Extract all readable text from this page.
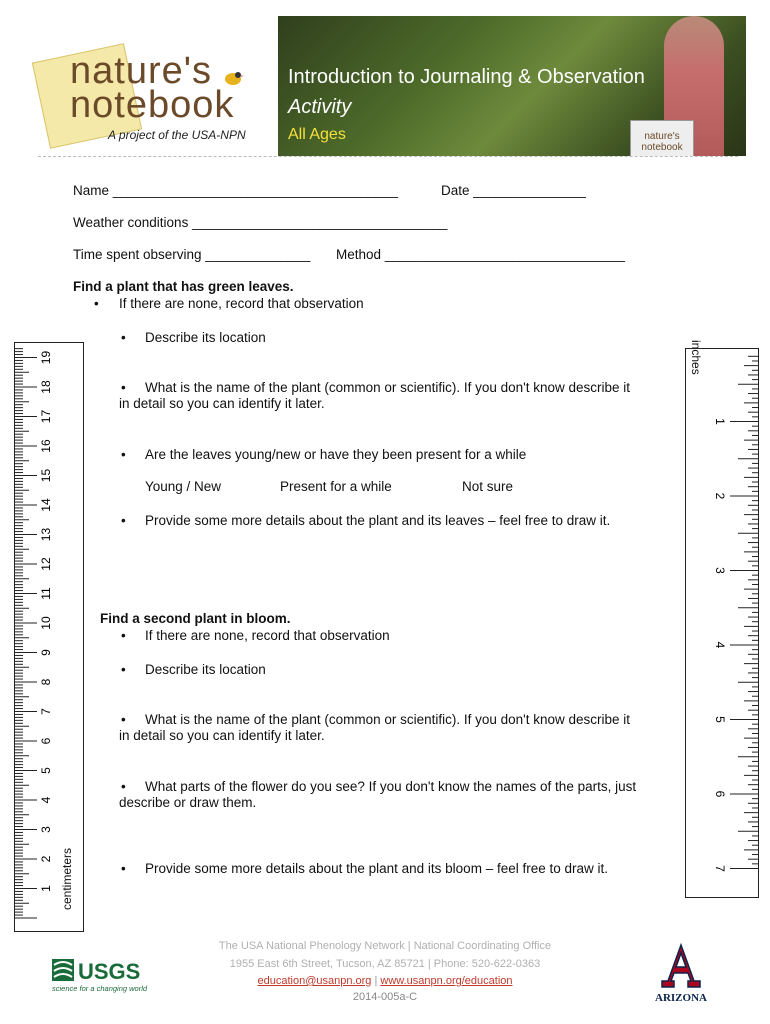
nature's
notebook
A project of the USA-NPN	nature's notebook
Introduction to Journaling & Observation
Activity
All Ages
Name ______________________________________	Date _______________
Weather conditions __________________________________
Time spent observing ______________ Method ________________________________
Find a plant that has green leaves.
• If there are none, record that observation
• Describe its location
• What is the name of the plant (common or scientific). If you don't know describe it
in detail so you can identify it later.
• Are the leaves young/new or have they been present for a while
Young / New	Present for a while	Not sure
• Provide some more details about the plant and its leaves – feel free to draw it.
Find a second plant in bloom.
• If there are none, record that observation
• Describe its location
• What is the name of the plant (common or scientific). If you don't know describe it
in detail so you can identify it later.
• What parts of the flower do you see? If you don't know the names of the parts, just
describe or draw them.
• Provide some more details about the plant and its bloom – feel free to draw it.
1
2
3
4
5
6
7
8
9
10
11
12
13
14
15
16
17
18
19
centimeters
1
2
3
4
5
6
7
inches
USGS
science for a changing world
The USA National Phenology Network | National Coordinating Office
1955 East 6th Street, Tucson, AZ 85721 | Phone: 520-622-0363
education@usanpn.org | www.usanpn.org/education
2014-005a-C	ARIZONA
